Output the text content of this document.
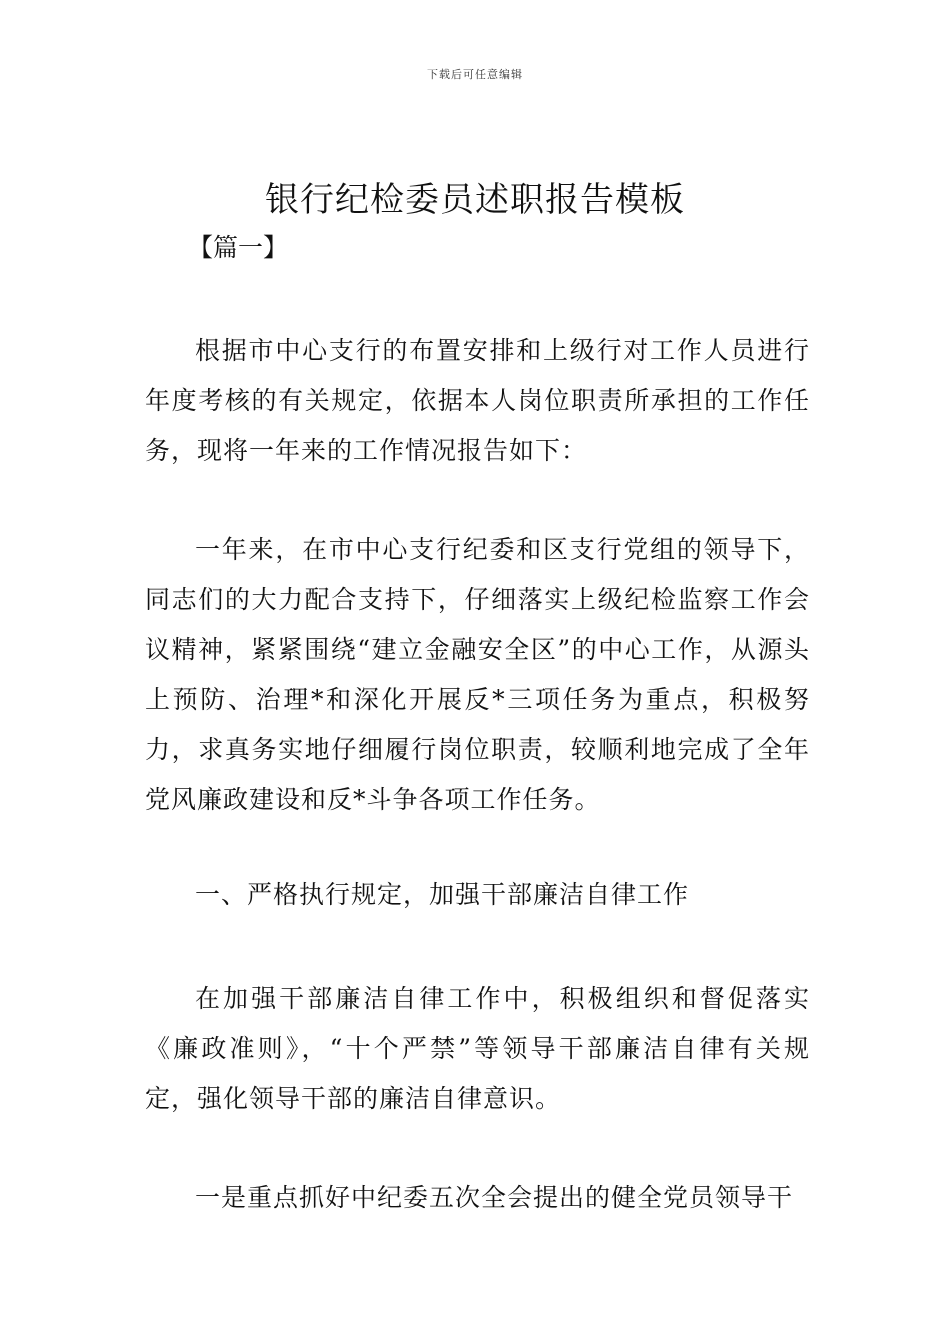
下载后可任意编辑
银行纪检委员述职报告模板
【篇一】

根据市中心支行的布置安排和上级行对工作人员进行年度考核的有关规定，依据本人岗位职责所承担的工作任务，现将一年来的工作情况报告如下：

一年来，在市中心支行纪委和区支行党组的领导下，同志们的大力配合支持下，仔细落实上级纪检监察工作会议精神，紧紧围绕“建立金融安全区”的中心工作，从源头上预防、治理*和深化开展反*三项任务为重点，积极努力，求真务实地仔细履行岗位职责，较顺利地完成了全年党风廉政建设和反*斗争各项工作任务。

一、严格执行规定，加强干部廉洁自律工作

在加强干部廉洁自律工作中，积极组织和督促落实《廉政准则》，“十个严禁”等领导干部廉洁自律有关规定，强化领导干部的廉洁自律意识。

一是重点抓好中纪委五次全会提出的健全党员领导干
